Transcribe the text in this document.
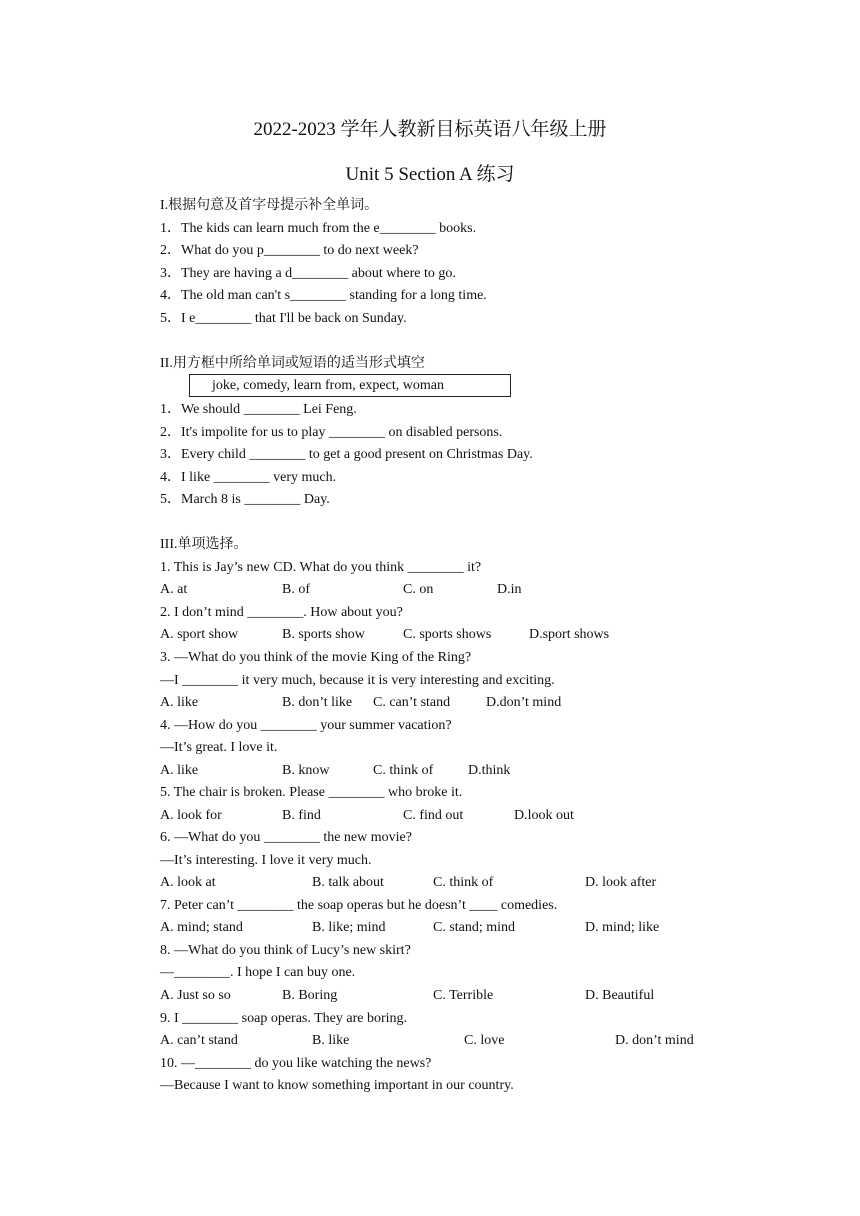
2022-2023 学年人教新目标英语八年级上册
Unit 5 Section A 练习
I.根据句意及首字母提示补全单词。
1．The kids can learn much from the e________ books.
2．What do you p________ to do next week?
3．They are having a d________ about where to go.
4．The old man can't s________ standing for a long time.
5．I e________ that I'll be back on Sunday.
II.用方框中所给单词或短语的适当形式填空
joke, comedy, learn from, expect, woman
1．We should ________ Lei Feng.
2．It's impolite for us to play ________ on disabled persons.
3．Every child ________ to get a good present on Christmas Day.
4．I like ________ very much.
5．March 8 is ________ Day.
III.单项选择。
1. This is Jay’s new CD. What do you think ________ it?
A. at	B. of	C. on	D.in
2. I don’t mind ________. How about you?
A. sport show	B. sports show	C. sports shows	D.sport shows
3. —What do you think of the movie King of the Ring?
—I ________ it very much, because it is very interesting and exciting.
A. like	B. don’t like C. can’t stand	D.don’t mind
4. —How do you ________ your summer vacation?
—It’s great. I love it.
A. like	B. know	C. think of D.think
5. The chair is broken. Please ________ who broke it.
A. look for	B. find	C. find out	D.look out
6. —What do you ________ the new movie?
—It’s interesting. I love it very much.
A. look at	B. talk about	C. think of	D. look after
7. Peter can’t ________ the soap operas but he doesn’t ____ comedies.
A. mind; stand	B. like; mind	C. stand; mind	D. mind; like
8. —What do you think of Lucy’s new skirt?
—________. I hope I can buy one.
A. Just so so	B. Boring	C. Terrible	D. Beautiful
9. I ________ soap operas. They are boring.
A. can’t stand	B. like	C. love	D. don’t mind
10. —________ do you like watching the news?
—Because I want to know something important in our country.
